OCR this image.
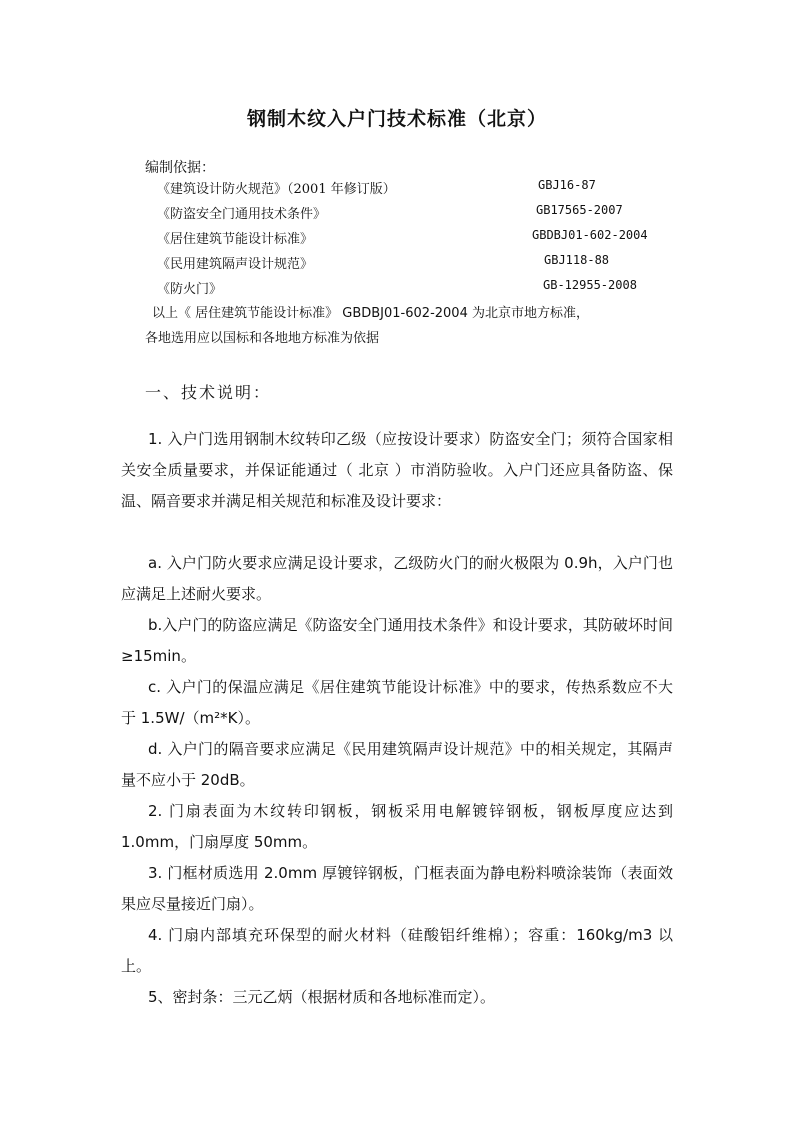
钢制木纹入户门技术标准（北京）
编制依据：
《建筑设计防火规范》（2001 年修订版）	GBJ16-87
《防盗安全门通用技术条件》	GB17565-2007
《居住建筑节能设计标准》	GBDBJ01-602-2004
《民用建筑隔声设计规范》	GBJ118-88
《防火门》	GB-12955-2008
以上《 居住建筑节能设计标准》 GBDBJ01-602-2004 为北京市地方标准，
各地选用应以国标和各地地方标准为依据
一、技术说明：
1. 入户门选用钢制木纹转印乙级（应按设计要求）防盗安全门；须符合国家相关安全质量要求，并保证能通过（ 北京 ）市消防验收。入户门还应具备防盗、保温、隔音要求并满足相关规范和标准及设计要求：
a. 入户门防火要求应满足设计要求，乙级防火门的耐火极限为 0.9h，入户门也应满足上述耐火要求。
b.入户门的防盗应满足《防盗安全门通用技术条件》和设计要求，其防破坏时间≥15min。
c. 入户门的保温应满足《居住建筑节能设计标准》中的要求，传热系数应不大于 1.5W/（m²*K）。
d. 入户门的隔音要求应满足《民用建筑隔声设计规范》中的相关规定，其隔声量不应小于 20dB。
2. 门扇表面为木纹转印钢板，钢板采用电解镀锌钢板，钢板厚度应达到 1.0mm，门扇厚度 50mm。
3. 门框材质选用 2.0mm 厚镀锌钢板，门框表面为静电粉料喷涂装饰（表面效果应尽量接近门扇）。
4. 门扇内部填充环保型的耐火材料（硅酸铝纤维棉）；容重：160kg/m3 以上。
5、密封条：三元乙炳（根据材质和各地标准而定）。
